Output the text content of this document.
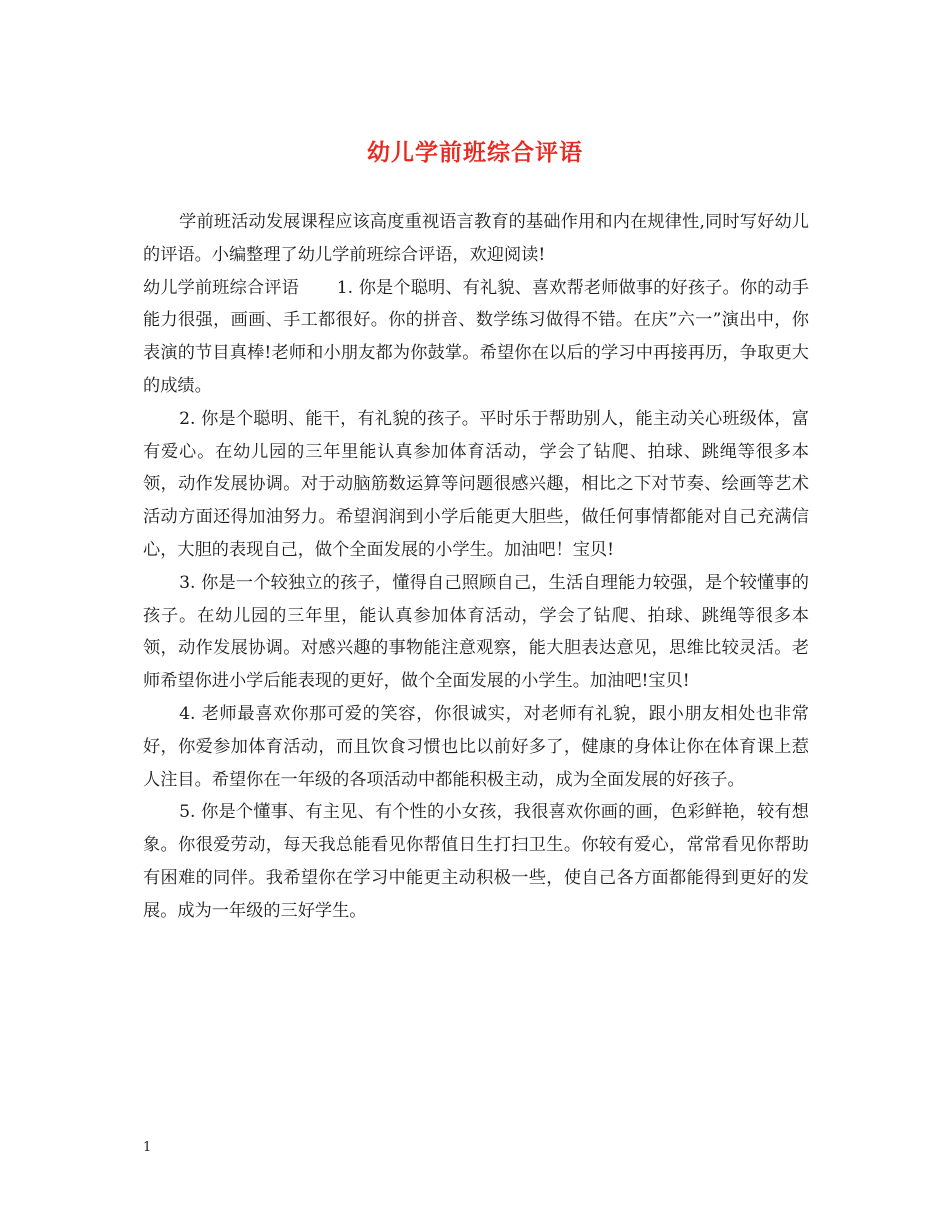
幼儿学前班综合评语

学前班活动发展课程应该高度重视语言教育的基础作用和内在规律性,同时写好幼儿的评语。小编整理了幼儿学前班综合评语，欢迎阅读!

幼儿学前班综合评语 1. 你是个聪明、有礼貌、喜欢帮老师做事的好孩子。你的动手能力很强，画画、手工都很好。你的拼音、数学练习做得不错。在庆”六一”演出中，你表演的节目真棒!老师和小朋友都为你鼓掌。希望你在以后的学习中再接再历，争取更大的成绩。

2. 你是个聪明、能干，有礼貌的孩子。平时乐于帮助别人，能主动关心班级体，富有爱心。在幼儿园的三年里能认真参加体育活动，学会了钻爬、拍球、跳绳等很多本领，动作发展协调。对于动脑筋数运算等问题很感兴趣，相比之下对节奏、绘画等艺术活动方面还得加油努力。希望润润到小学后能更大胆些，做任何事情都能对自己充满信心，大胆的表现自己，做个全面发展的小学生。加油吧！宝贝!

3. 你是一个较独立的孩子，懂得自己照顾自己，生活自理能力较强，是个较懂事的孩子。在幼儿园的三年里，能认真参加体育活动，学会了钻爬、拍球、跳绳等很多本领，动作发展协调。对感兴趣的事物能注意观察，能大胆表达意见，思维比较灵活。老师希望你进小学后能表现的更好，做个全面发展的小学生。加油吧!宝贝!

4. 老师最喜欢你那可爱的笑容，你很诚实，对老师有礼貌，跟小朋友相处也非常好，你爱参加体育活动，而且饮食习惯也比以前好多了，健康的身体让你在体育课上惹人注目。希望你在一年级的各项活动中都能积极主动，成为全面发展的好孩子。

5. 你是个懂事、有主见、有个性的小女孩，我很喜欢你画的画，色彩鲜艳，较有想象。你很爱劳动，每天我总能看见你帮值日生打扫卫生。你较有爱心，常常看见你帮助有困难的同伴。我希望你在学习中能更主动积极一些，使自己各方面都能得到更好的发展。成为一年级的三好学生。

1
